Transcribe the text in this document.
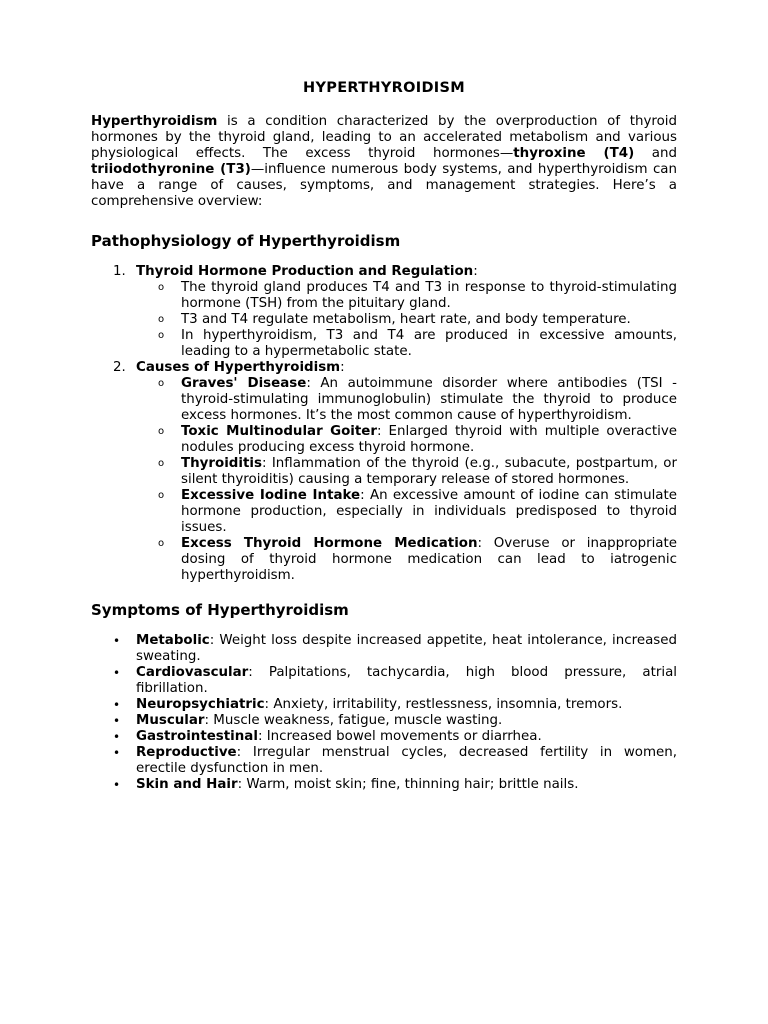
HYPERTHYROIDISM

Hyperthyroidism is a condition characterized by the overproduction of thyroid hormones by the thyroid gland, leading to an accelerated metabolism and various physiological effects. The excess thyroid hormones—thyroxine (T4) and triiodothyronine (T3)—influence numerous body systems, and hyperthyroidism can have a range of causes, symptoms, and management strategies. Here’s a comprehensive overview:

Pathophysiology of Hyperthyroidism
1. Thyroid Hormone Production and Regulation:
o The thyroid gland produces T4 and T3 in response to thyroid-stimulating hormone (TSH) from the pituitary gland.
o T3 and T4 regulate metabolism, heart rate, and body temperature.
o In hyperthyroidism, T3 and T4 are produced in excessive amounts, leading to a hypermetabolic state.
2. Causes of Hyperthyroidism:
o Graves' Disease: An autoimmune disorder where antibodies (TSI - thyroid-stimulating immunoglobulin) stimulate the thyroid to produce excess hormones. It’s the most common cause of hyperthyroidism.
o Toxic Multinodular Goiter: Enlarged thyroid with multiple overactive nodules producing excess thyroid hormone.
o Thyroiditis: Inflammation of the thyroid (e.g., subacute, postpartum, or silent thyroiditis) causing a temporary release of stored hormones.
o Excessive Iodine Intake: An excessive amount of iodine can stimulate hormone production, especially in individuals predisposed to thyroid issues.
o Excess Thyroid Hormone Medication: Overuse or inappropriate dosing of thyroid hormone medication can lead to iatrogenic hyperthyroidism.
Symptoms of Hyperthyroidism
• Metabolic: Weight loss despite increased appetite, heat intolerance, increased sweating.
• Cardiovascular: Palpitations, tachycardia, high blood pressure, atrial fibrillation.
• Neuropsychiatric: Anxiety, irritability, restlessness, insomnia, tremors.
• Muscular: Muscle weakness, fatigue, muscle wasting.
• Gastrointestinal: Increased bowel movements or diarrhea.
• Reproductive: Irregular menstrual cycles, decreased fertility in women, erectile dysfunction in men.
• Skin and Hair: Warm, moist skin; fine, thinning hair; brittle nails.
